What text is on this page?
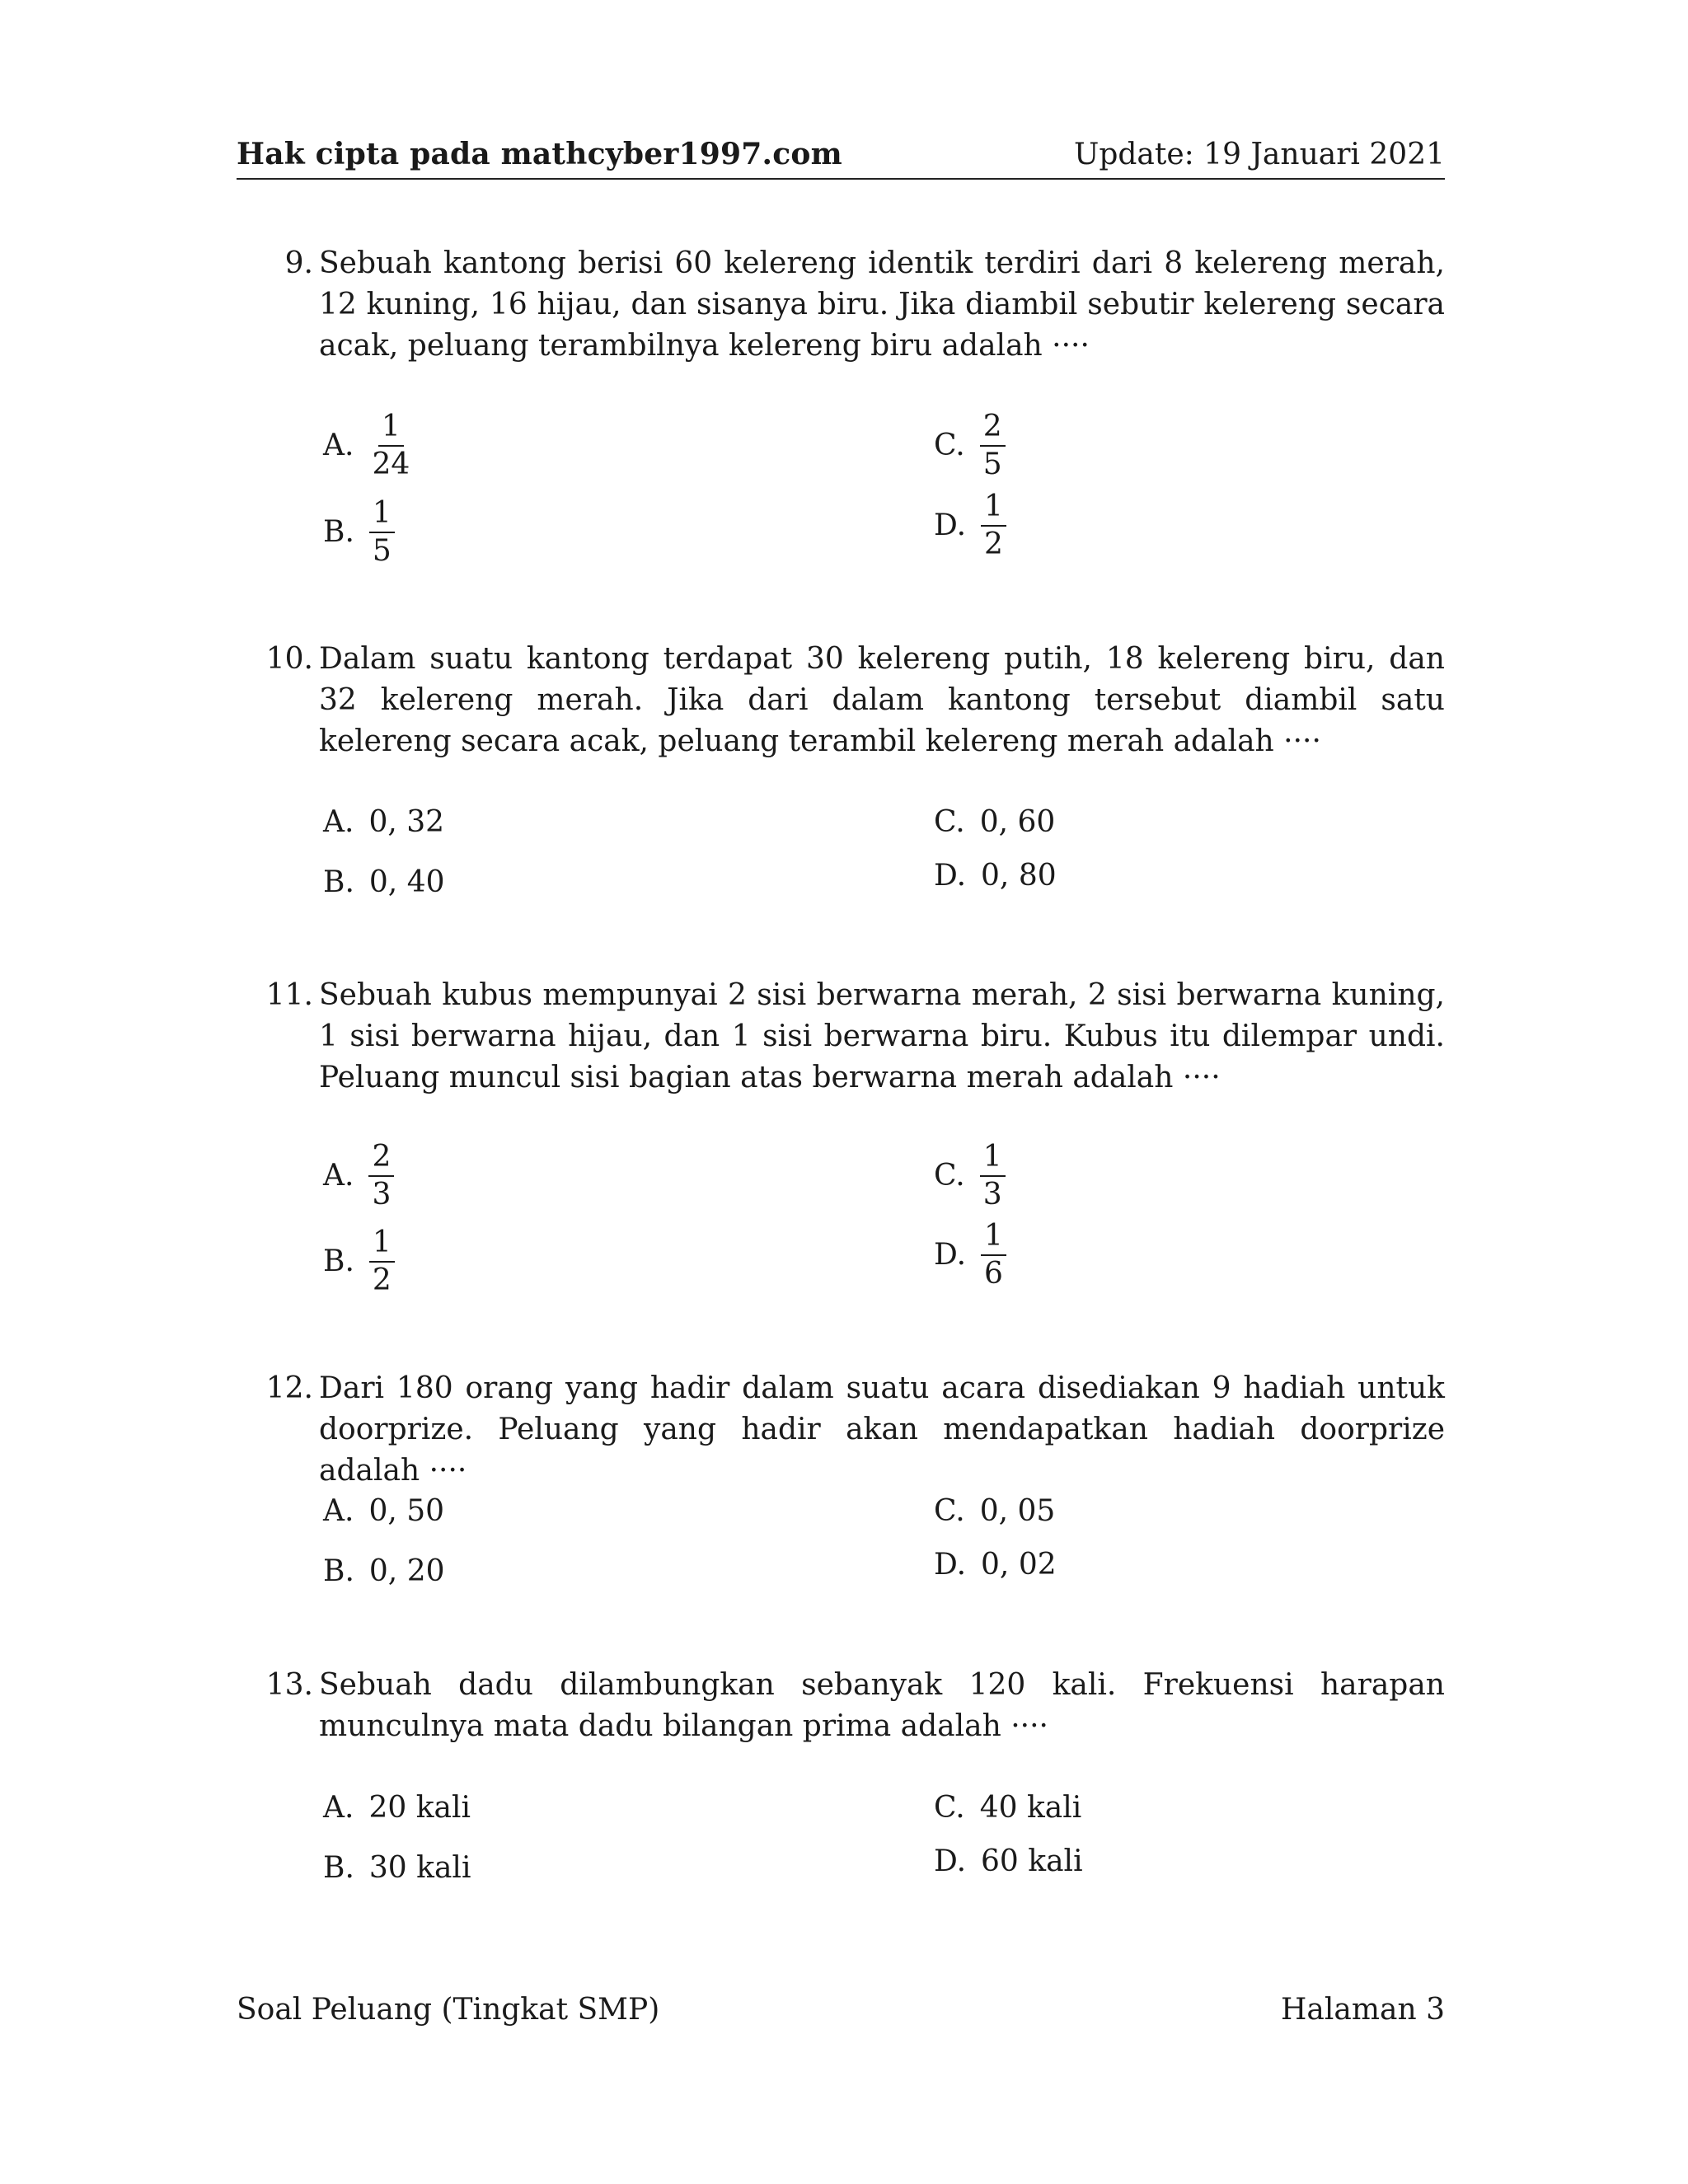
Hak cipta pada mathcyber1997.com	Update: 19 Januari 2021
9. Sebuah kantong berisi 60 kelereng identik terdiri dari 8 kelereng merah, 12 kuning, 16 hijau, dan sisanya biru. Jika diambil sebutir kelereng secara acak, peluang terambilnya kelereng biru adalah ····
A. $\frac{1}{24}$
B. $\frac{1}{5}$
C. $\frac{2}{5}$
D. $\frac{1}{2}$
10. Dalam suatu kantong terdapat 30 kelereng putih, 18 kelereng biru, dan 32 kelereng merah. Jika dari dalam kantong tersebut diambil satu kelereng secara acak, peluang terambil kelereng merah adalah ····
A. 0, 32
B. 0, 40
C. 0, 60
D. 0, 80
11. Sebuah kubus mempunyai 2 sisi berwarna merah, 2 sisi berwarna kuning, 1 sisi berwarna hijau, dan 1 sisi berwarna biru. Kubus itu dilempar undi. Peluang muncul sisi bagian atas berwarna merah adalah ····
A. $\frac{2}{3}$
B. $\frac{1}{2}$
C. $\frac{1}{3}$
D. $\frac{1}{6}$
12. Dari 180 orang yang hadir dalam suatu acara disediakan 9 hadiah untuk doorprize. Peluang yang hadir akan mendapatkan hadiah doorprize adalah ····
A. 0, 50
B. 0, 20
C. 0, 05
D. 0, 02
13. Sebuah dadu dilambungkan sebanyak 120 kali. Frekuensi harapan munculnya mata dadu bilangan prima adalah ····
A. 20 kali
B. 30 kali
C. 40 kali
D. 60 kali
Soal Peluang (Tingkat SMP)	Halaman 3
